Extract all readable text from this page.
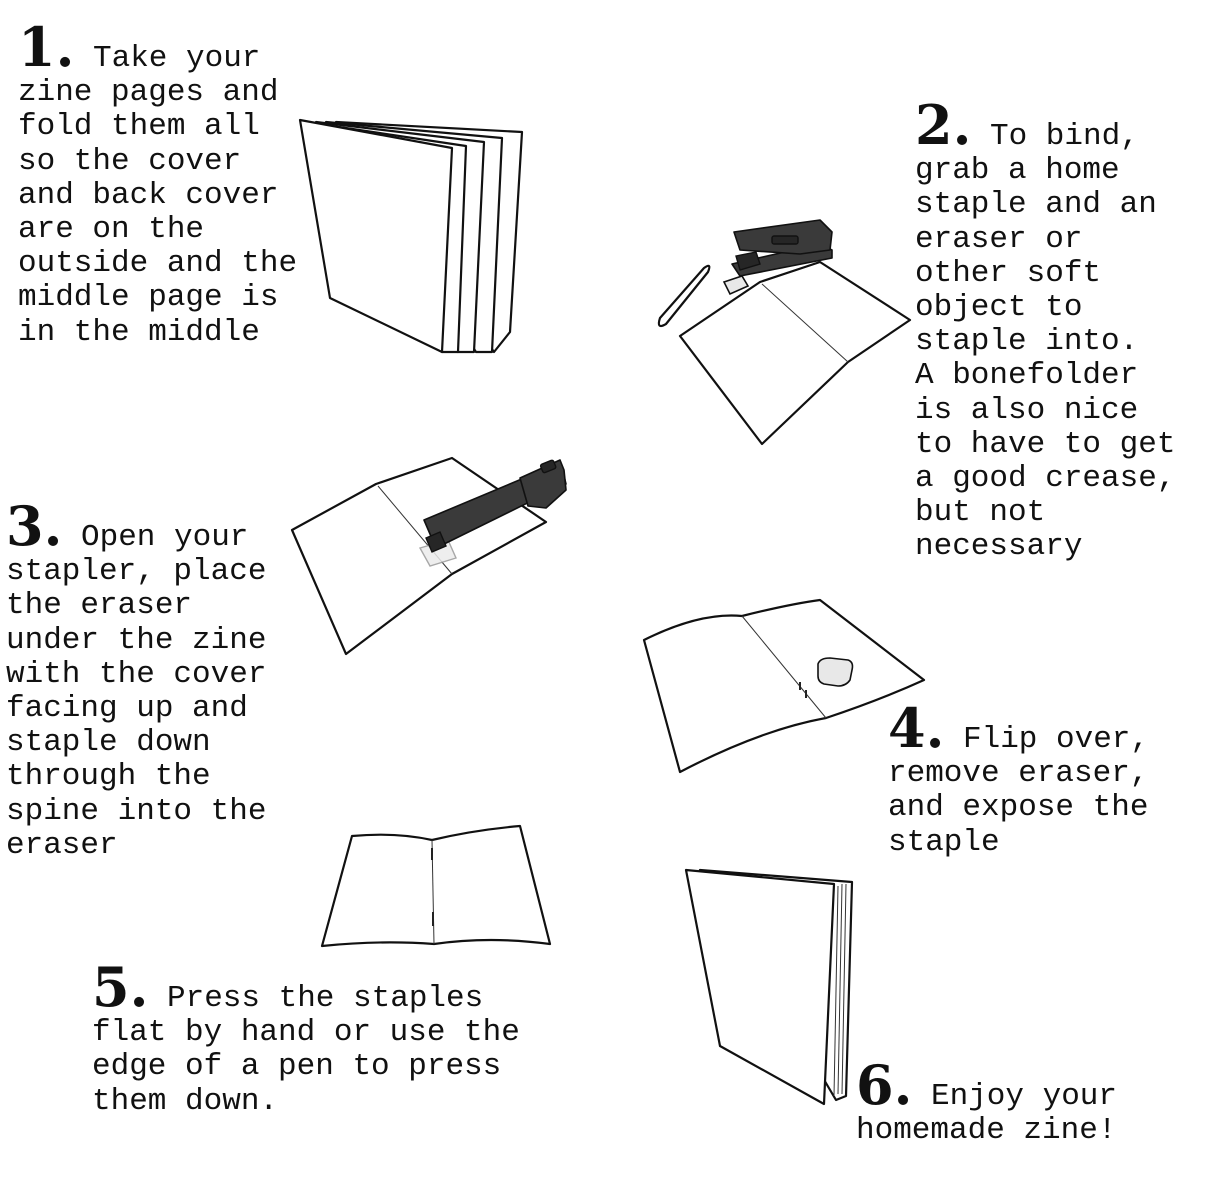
1. Take your
zine pages and
fold them all
so the cover
and back cover
are on the
outside and the
middle page is
in the middle
2. To bind,
grab a home
staple and an
eraser or
other soft
object to
staple into.
A bonefolder
is also nice
to have to get
a good crease,
but not
necessary
3. Open your
stapler, place
the eraser
under the zine
with the cover
facing up and
staple down
through the
spine into the
eraser
4. Flip over,
remove eraser,
and expose the
staple
5. Press the staples
flat by hand or use the
edge of a pen to press
them down.	6. Enjoy your
homemade zine!
